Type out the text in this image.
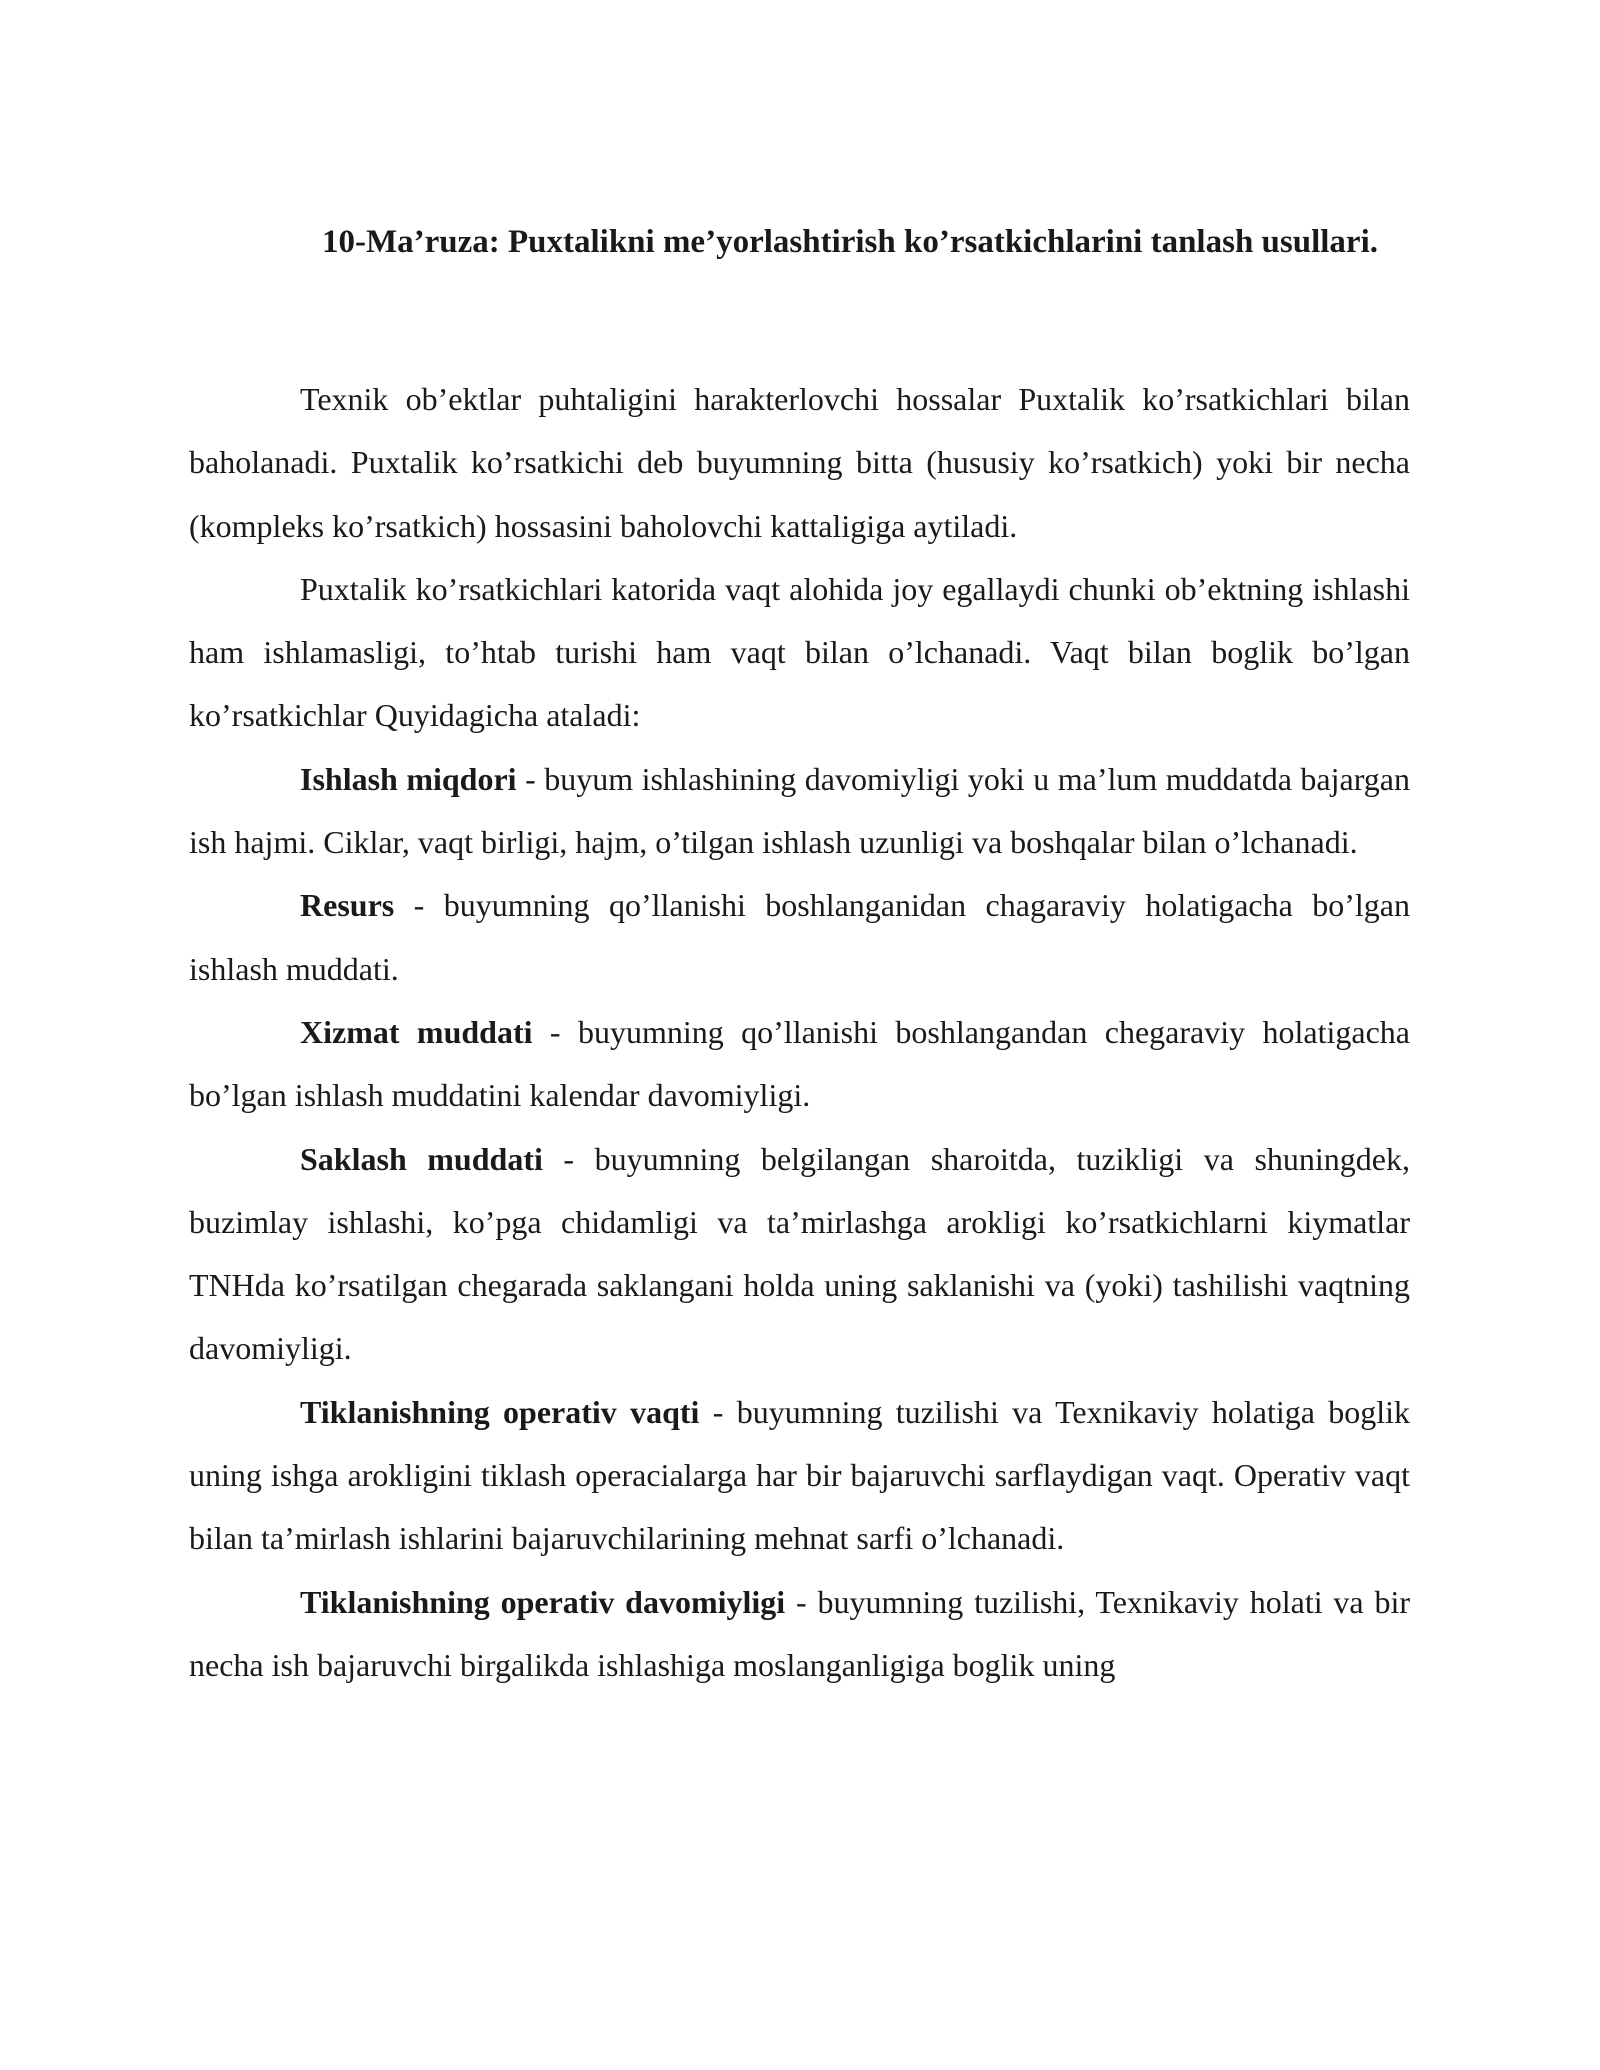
10-Ma’ruza: Puxtalikni me’yorlashtirish ko’rsatkichlarini tanlash usullari.

Texnik ob’ektlar puhtaligini harakterlovchi hossalar Puxtalik ko’rsatkichlari bilan baholanadi. Puxtalik ko’rsatkichi deb buyumning bitta (hususiy ko’rsatkich) yoki bir necha (kompleks ko’rsatkich) hossasini baholovchi kattaligiga aytiladi.

Puxtalik ko’rsatkichlari katorida vaqt alohida joy egallaydi chunki ob’ektning ishlashi ham ishlamasligi, to’htab turishi ham vaqt bilan o’lchanadi. Vaqt bilan boglik bo’lgan ko’rsatkichlar Quyidagicha ataladi:

Ishlash miqdori - buyum ishlashining davomiyligi yoki u ma’lum muddatda bajargan ish hajmi. Ciklar, vaqt birligi, hajm, o’tilgan ishlash uzunligi va boshqalar bilan o’lchanadi.

Resurs - buyumning qo’llanishi boshlanganidan chagaraviy holatigacha bo’lgan ishlash muddati.

Xizmat muddati - buyumning qo’llanishi boshlangandan chegaraviy holatigacha bo’lgan ishlash muddatini kalendar davomiyligi.

Saklash muddati - buyumning belgilangan sharoitda, tuzikligi va shuningdek, buzimlay ishlashi, ko’pga chidamligi va ta’mirlashga arokligi ko’rsatkichlarni kiymatlar TNHda ko’rsatilgan chegarada saklangani holda uning saklanishi va (yoki) tashilishi vaqtning davomiyligi.

Tiklanishning operativ vaqti - buyumning tuzilishi va Texnikaviy holatiga boglik uning ishga arokligini tiklash operacialarga har bir bajaruvchi sarflaydigan vaqt. Operativ vaqt bilan ta’mirlash ishlarini bajaruvchilarining mehnat sarfi o’lchanadi.

Tiklanishning operativ davomiyligi - buyumning tuzilishi, Texnikaviy holati va bir necha ish bajaruvchi birgalikda ishlashiga moslanganligiga boglik uning
